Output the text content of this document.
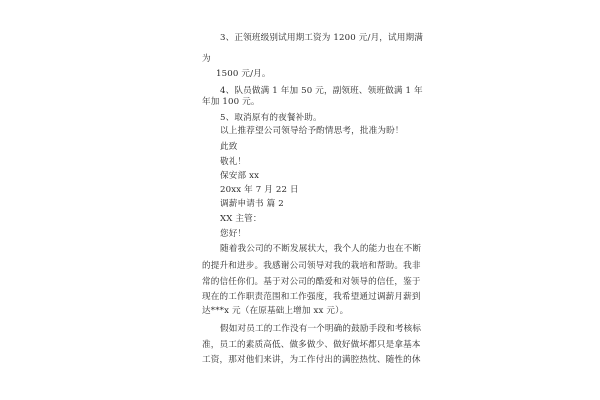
3、正领班级别试用期工资为 1200 元/月，试用期满
为
1500 元/月。
4、队员做满 1 年加 50 元，副领班、领班做满 1 年
年加 100 元。
5、取消原有的夜餐补助。
以上推荐望公司领导给予酌情思考，批准为盼！
此致
敬礼！
保安部 xx
20xx 年 7 月 22 日
调薪申请书 篇 2
XX 主管：
您好！
随着我公司的不断发展状大，我个人的能力也在不断
的提升和进步。我感谢公司领导对我的栽培和帮助。我非
常的信任你们。基于对公司的酷爱和对领导的信任，鉴于
现在的工作职责范围和工作强度，我希望通过调薪月薪到
达***x 元（在原基础上增加 xx 元）。
假如对员工的工作没有一个明确的鼓励手段和考核标
准，员工的素质高低、做多做少、做好做坏都只是拿基本
工资，那对他们来讲，为工作付出的满腔热忱、随性的休
